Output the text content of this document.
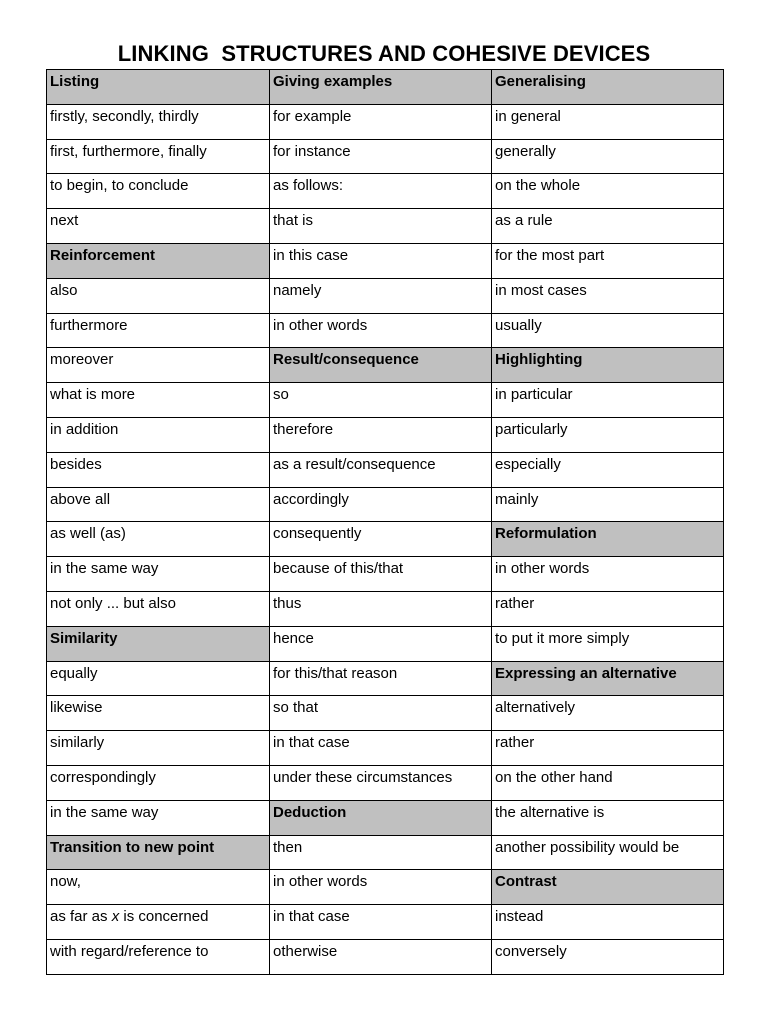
LINKING  STRUCTURES AND COHESIVE DEVICES
Listing	Giving examples	Generalising
firstly, secondly, thirdly	for example	in general
first, furthermore, finally	for instance	generally
to begin, to conclude	as follows:	on the whole
next	that is	as a rule
Reinforcement	in this case	for the most part
also	namely	in most cases
furthermore	in other words	usually
moreover	Result/consequence	Highlighting
what is more	so	in particular
in addition	therefore	particularly
besides	as a result/consequence	especially
above all	accordingly	mainly
as well (as)	consequently	Reformulation
in the same way	because of this/that	in other words
not only ... but also	thus	rather
Similarity	hence	to put it more simply
equally	for this/that reason	Expressing an alternative
likewise	so that	alternatively
similarly	in that case	rather
correspondingly	under these circumstances	on the other hand
in the same way	Deduction	the alternative is
Transition to new point	then	another possibility would be
now,	in other words	Contrast
as far as x is concerned	in that case	instead
with regard/reference to	otherwise	conversely
